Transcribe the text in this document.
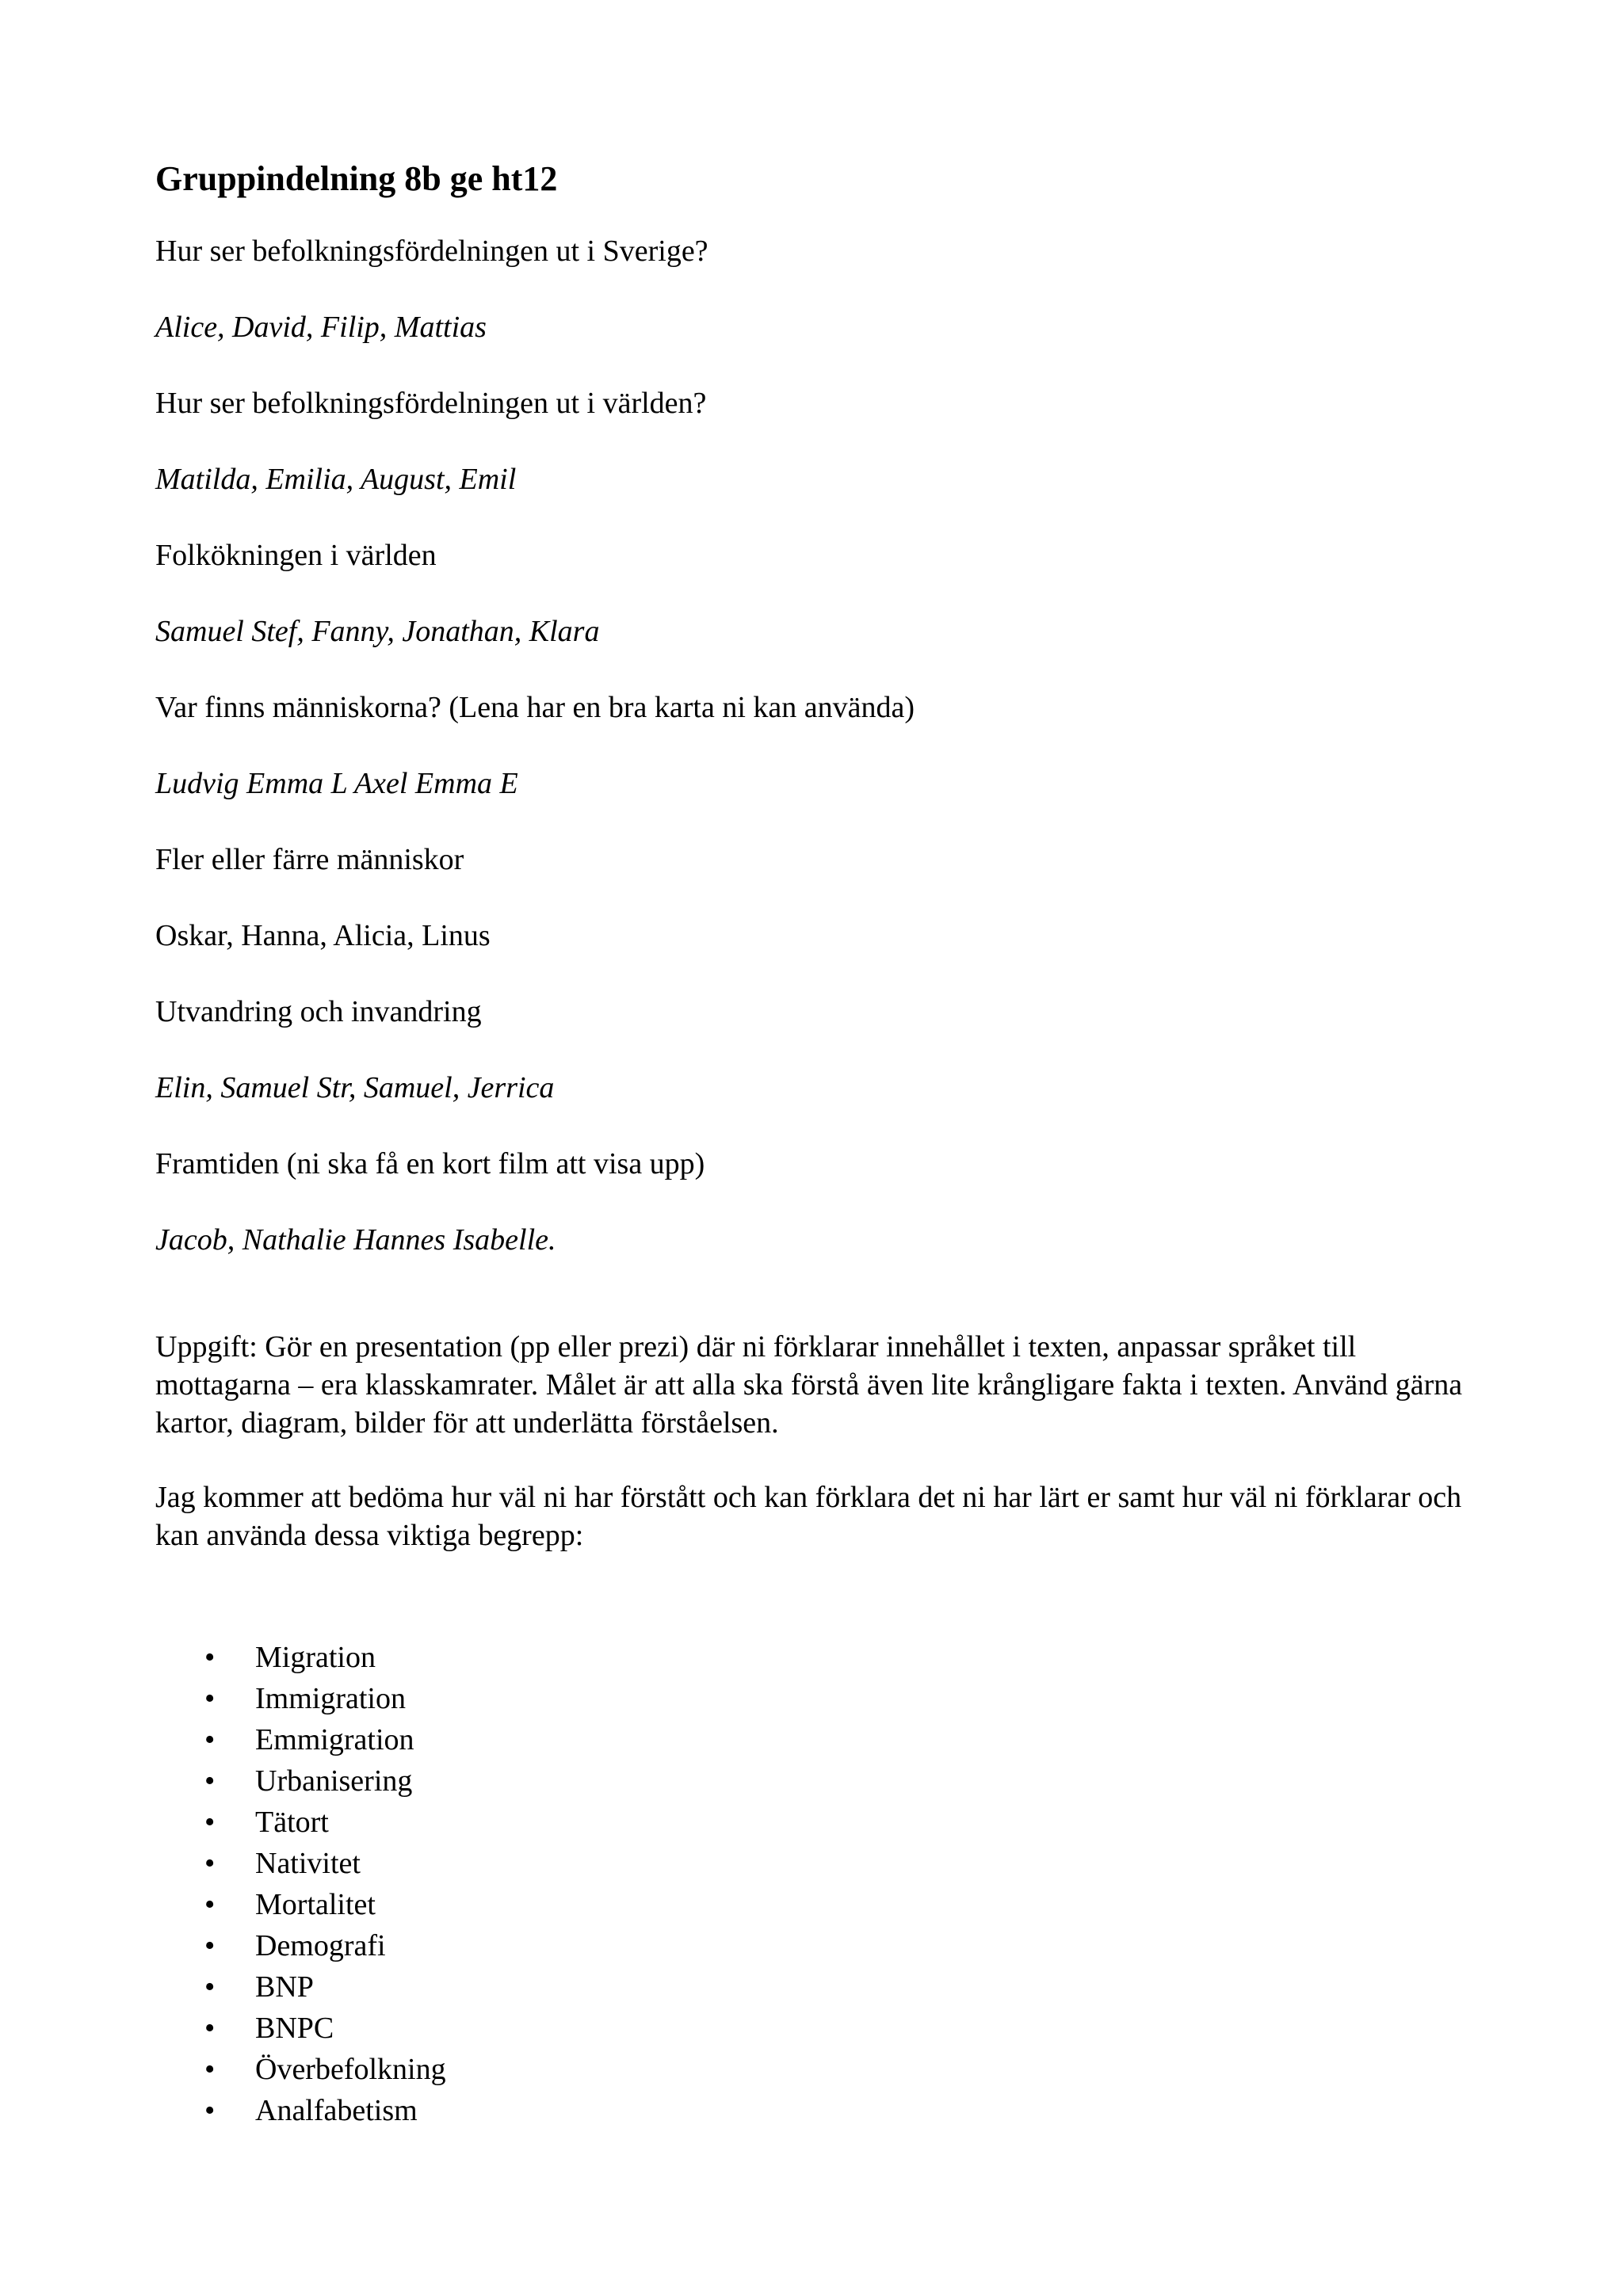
Gruppindelning 8b ge ht12

Hur ser befolkningsfördelningen ut i Sverige?

Alice, David, Filip, Mattias

Hur ser befolkningsfördelningen ut i världen?

Matilda, Emilia, August, Emil

Folkökningen i världen

Samuel Stef, Fanny, Jonathan, Klara

Var finns människorna? (Lena har en bra karta ni kan använda)

Ludvig Emma L Axel Emma E

Fler eller färre människor

Oskar, Hanna, Alicia, Linus

Utvandring och invandring

Elin, Samuel Str, Samuel, Jerrica

Framtiden (ni ska få en kort film att visa upp)

Jacob, Nathalie Hannes Isabelle.

Uppgift: Gör en presentation (pp eller prezi) där ni förklarar innehållet i texten, anpassar språket till mottagarna – era klasskamrater. Målet är att alla ska förstå även lite krångligare fakta i texten. Använd gärna kartor, diagram, bilder för att underlätta förståelsen.

Jag kommer att bedöma hur väl ni har förstått och kan förklara det ni har lärt er samt hur väl ni förklarar och kan använda dessa viktiga begrepp:

• Migration
• Immigration
• Emmigration
• Urbanisering
• Tätort
• Nativitet
• Mortalitet
• Demografi
• BNP
• BNPC
• Överbefolkning
• Analfabetism
